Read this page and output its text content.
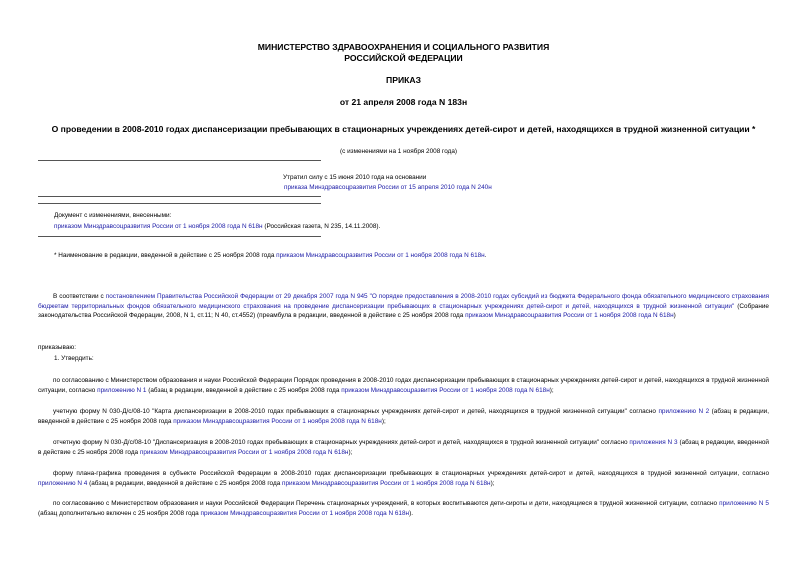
МИНИСТЕРСТВО ЗДРАВООХРАНЕНИЯ И СОЦИАЛЬНОГО РАЗВИТИЯ
РОССИЙСКОЙ ФЕДЕРАЦИИ
ПРИКАЗ
от 21 апреля 2008 года N 183н
О проведении в 2008-2010 годах диспансеризации пребывающих в стационарных учреждениях детей-сирот и детей, находящихся в трудной жизненной ситуации *
(с изменениями на 1 ноября 2008 года)
Утратил силу с 15 июня 2010 года на основании
приказа Минздравсоцразвития России от 15 апреля 2010 года N 240н
Документ с изменениями, внесенными:
приказом Минздравсоцразвития России от 1 ноября 2008 года N 618н (Российская газета, N 235, 14.11.2008).
* Наименование в редакции, введенной в действие с 25 ноября 2008 года приказом Минздравсоцразвития России от 1 ноября 2008 года N 618н.
В соответствии с постановлением Правительства Российской Федерации от 29 декабря 2007 года N 945 "О порядке предоставления в 2008-2010 годах субсидий из бюджета Федерального фонда обязательного медицинского страхования бюджетам территориальных фондов обязательного медицинского страхования на проведение диспансеризации пребывающих в стационарных учреждениях детей-сирот и детей, находящихся в трудной жизненной ситуации" (Собрание законодательства Российской Федерации, 2008, N 1, ст.11; N 40, ст.4552) (преамбула в редакции, введенной в действие с 25 ноября 2008 года приказом Минздравсоцразвития России от 1 ноября 2008 года N 618н)
приказываю:
1. Утвердить:
по согласованию с Министерством образования и науки Российской Федерации Порядок проведения в 2008-2010 годах диспансеризации пребывающих в стационарных учреждениях детей-сирот и детей, находящихся в трудной жизненной ситуации, согласно приложению N 1 (абзац в редакции, введенной в действие с 25 ноября 2008 года приказом Минздравсоцразвития России от 1 ноября 2008 года N 618н);
учетную форму N 030-Д/с/08-10 "Карта диспансеризации в 2008-2010 годах пребывающих в стационарных учреждениях детей-сирот и детей, находящихся в трудной жизненной ситуации" согласно приложению N 2 (абзац в редакции, введенной в действие с 25 ноября 2008 года приказом Минздравсоцразвития России от 1 ноября 2008 года N 618н);
отчетную форму N 030-Д/с/08-10 "Диспансеризация в 2008-2010 годах пребывающих в стационарных учреждениях детей-сирот и детей, находящихся в трудной жизненной ситуации" согласно приложения N 3 (абзац в редакции, введенной в действие с 25 ноября 2008 года приказом Минздравсоцразвития России от 1 ноября 2008 года N 618н);
форму плана-графика проведения в субъекте Российской Федерации в 2008-2010 годах диспансеризации пребывающих в стационарных учреждениях детей-сирот и детей, находящихся в трудной жизненной ситуации, согласно приложению N 4 (абзац в редакции, введенной в действие с 25 ноября 2008 года приказом Минздравсоцразвития России от 1 ноября 2008 года N 618н);
по согласованию с Министерством образования и науки Российской Федерации Перечень стационарных учреждений, в которых воспитываются дети-сироты и дети, находящиеся в трудной жизненной ситуации, согласно приложению N 5 (абзац дополнительно включен с 25 ноября 2008 года приказом Минздравсоцразвития России от 1 ноября 2008 года N 618н).
